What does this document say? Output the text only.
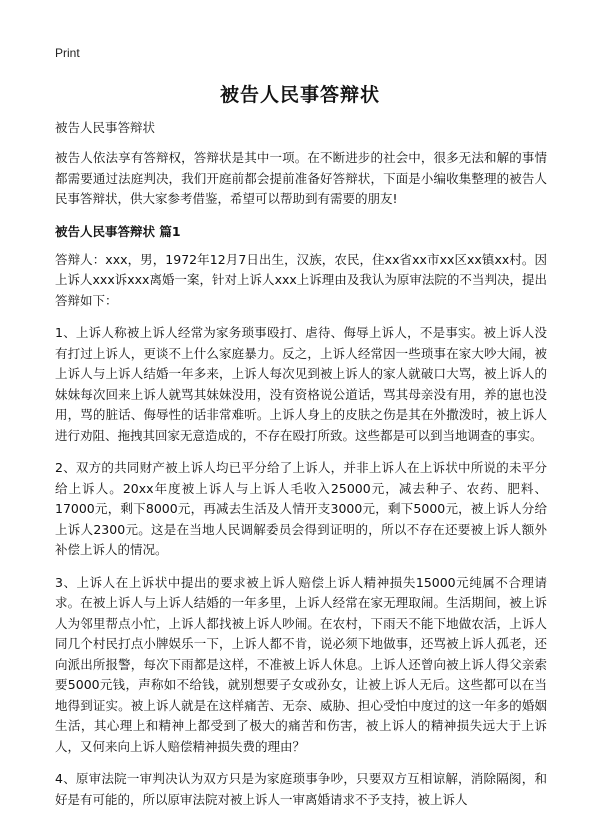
Print
被告人民事答辩状

被告人民事答辩状

被告人依法享有答辩权，答辩状是其中一项。在不断进步的社会中，很多无法和解的事情都需要通过法庭判决，我们开庭前都会提前准备好答辩状，下面是小编收集整理的被告人民事答辩状，供大家参考借鉴，希望可以帮助到有需要的朋友!

被告人民事答辩状 篇1

答辩人：xxx，男，1972年12月7日出生，汉族，农民，住xx省xx市xx区xx镇xx村。因上诉人xxx诉xxx离婚一案，针对上诉人xxx上诉理由及我认为原审法院的不当判决，提出答辩如下：

1、上诉人称被上诉人经常为家务琐事殴打、虐待、侮辱上诉人，不是事实。被上诉人没有打过上诉人，更谈不上什么家庭暴力。反之，上诉人经常因一些琐事在家大吵大闹，被上诉人与上诉人结婚一年多来，上诉人每次见到被上诉人的家人就破口大骂，被上诉人的妹妹每次回来上诉人就骂其妹妹没用，没有资格说公道话，骂其母亲没有用，养的崽也没用，骂的脏话、侮辱性的话非常难听。上诉人身上的皮肤之伤是其在外撒泼时，被上诉人进行劝阻、拖拽其回家无意造成的，不存在殴打所致。这些都是可以到当地调查的事实。

2、双方的共同财产被上诉人均已平分给了上诉人，并非上诉人在上诉状中所说的未平分给上诉人。20xx年度被上诉人与上诉人毛收入25000元，减去种子、农药、肥料、17000元，剩下8000元，再减去生活及人情开支3000元，剩下5000元，被上诉人分给上诉人2300元。这是在当地人民调解委员会得到证明的，所以不存在还要被上诉人额外补偿上诉人的情况。

3、上诉人在上诉状中提出的要求被上诉人赔偿上诉人精神损失15000元纯属不合理请求。在被上诉人与上诉人结婚的一年多里，上诉人经常在家无理取闹。生活期间，被上诉人为邻里帮点小忙，上诉人都找被上诉人吵闹。在农村，下雨天不能下地做农活，上诉人同几个村民打点小牌娱乐一下，上诉人都不肯，说必须下地做事，还骂被上诉人孤老，还向派出所报警，每次下雨都是这样，不准被上诉人休息。上诉人还曾向被上诉人得父亲索要5000元钱，声称如不给钱，就别想要子女或孙女，让被上诉人无后。这些都可以在当地得到证实。被上诉人就是在这样痛苦、无奈、威胁、担心受怕中度过的这一年多的婚姻生活，其心理上和精神上都受到了极大的痛苦和伤害，被上诉人的精神损失远大于上诉人，又何来向上诉人赔偿精神损失费的理由？

4、原审法院一审判决认为双方只是为家庭琐事争吵，只要双方互相谅解，消除隔阂，和好是有可能的，所以原审法院对被上诉人一审离婚请求不予支持，被上诉人
